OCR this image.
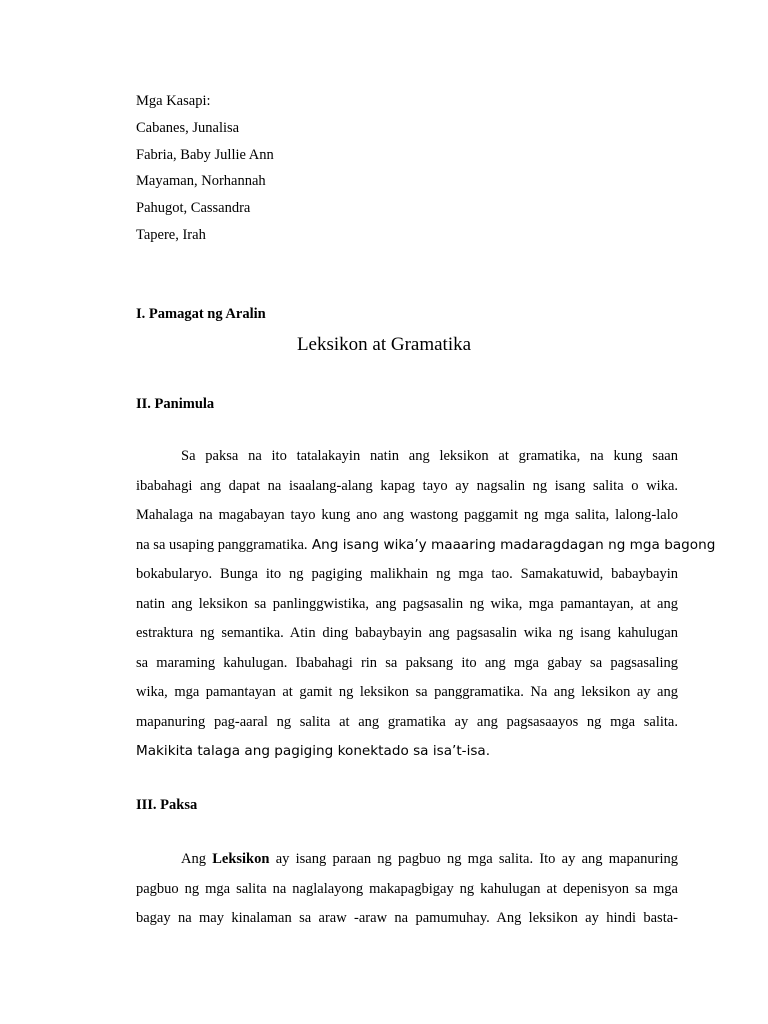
Mga Kasapi:
Cabanes, Junalisa
Fabria, Baby Jullie Ann
Mayaman, Norhannah
Pahugot, Cassandra
Tapere, Irah
I. Pamagat ng Aralin
Leksikon at Gramatika
II. Panimula
Sa paksa na ito tatalakayin natin ang leksikon at gramatika, na kung saan
ibabahagi ang dapat na isaalang-alang kapag tayo ay nagsalin ng isang salita o wika.
Mahalaga na magabayan tayo kung ano ang wastong paggamit ng mga salita, lalong-lalo
na sa usaping panggramatika. Ang isang wika’y maaaring madaragdagan ng mga bagong
bokabularyo. Bunga ito ng pagiging malikhain ng mga tao. Samakatuwid, babaybayin
natin ang leksikon sa panlinggwistika, ang pagsasalin ng wika, mga pamantayan, at ang
estraktura ng semantika. Atin ding babaybayin ang pagsasalin wika ng isang kahulugan
sa maraming kahulugan. Ibabahagi rin sa paksang ito ang mga gabay sa pagsasaling
wika, mga pamantayan at gamit ng leksikon sa panggramatika. Na ang leksikon ay ang
mapanuring pag-aaral ng salita at ang gramatika ay ang pagsasaayos ng mga salita.
Makikita talaga ang pagiging konektado sa isa’t-isa.
III. Paksa
Ang Leksikon ay isang paraan ng pagbuo ng mga salita. Ito ay ang mapanuring
pagbuo ng mga salita na naglalayong makapagbigay ng kahulugan at depenisyon sa mga
bagay na may kinalaman sa araw -araw na pamumuhay. Ang leksikon ay hindi basta-
